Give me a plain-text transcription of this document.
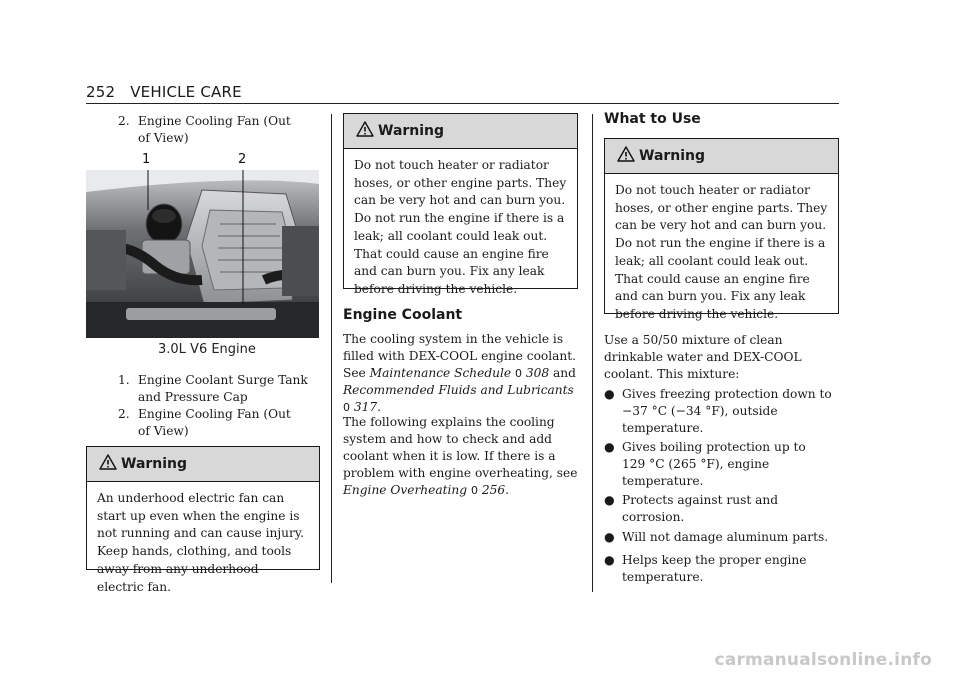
252 VEHICLE CARE
2. Engine Cooling Fan (Out of View)
1	2
3.0L V6 Engine
1. Engine Coolant Surge Tank and Pressure Cap
2. Engine Cooling Fan (Out of View)
Warning
An underhood electric fan can start up even when the engine is not running and can cause injury. Keep hands, clothing, and tools away from any underhood electric fan.
Warning
Do not touch heater or radiator hoses, or other engine parts. They can be very hot and can burn you. Do not run the engine if there is a leak; all coolant could leak out. That could cause an engine fire and can burn you. Fix any leak before driving the vehicle.
Engine Coolant
The cooling system in the vehicle is filled with DEX-COOL engine coolant. See Maintenance Schedule 0 308 and Recommended Fluids and Lubricants
0 317.
The following explains the cooling system and how to check and add coolant when it is low. If there is a problem with engine overheating, see Engine Overheating 0 256.
What to Use
Warning
Do not touch heater or radiator hoses, or other engine parts. They can be very hot and can burn you. Do not run the engine if there is a leak; all coolant could leak out. That could cause an engine fire and can burn you. Fix any leak before driving the vehicle.
Use a 50/50 mixture of clean drinkable water and DEX-COOL coolant. This mixture:
● Gives freezing protection down to −37 °C (−34 °F), outside temperature.
● Gives boiling protection up to 129 °C (265 °F), engine temperature.
● Protects against rust and corrosion.
● Will not damage aluminum parts.
● Helps keep the proper engine temperature.
carmanualsonline.info
